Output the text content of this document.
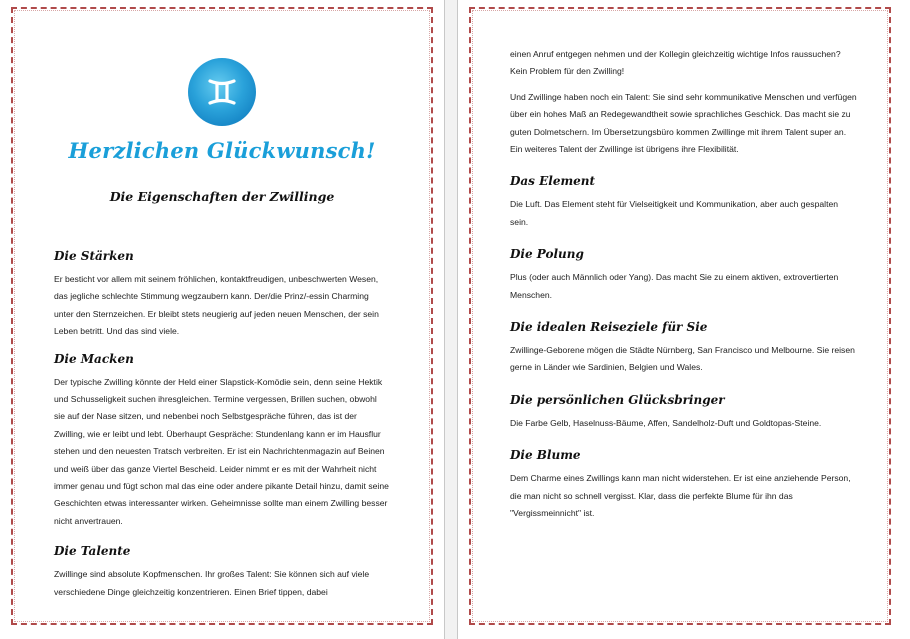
Herzlichen Glückwunsch!
Die Eigenschaften der Zwillinge
Die Stärken

Er besticht vor allem mit seinem fröhlichen, kontaktfreudigen, unbeschwerten Wesen, das jegliche schlechte Stimmung wegzaubern kann. Der/die Prinz/-essin Charming unter den Sternzeichen. Er bleibt stets neugierig auf jeden neuen Menschen, der sein Leben betritt. Und das sind viele.

Die Macken

Der typische Zwilling könnte der Held einer Slapstick-Komödie sein, denn seine Hektik und Schusseligkeit suchen ihresgleichen. Termine vergessen, Brillen suchen, obwohl sie auf der Nase sitzen, und nebenbei noch Selbstgespräche führen, das ist der Zwilling, wie er leibt und lebt. Überhaupt Gespräche: Stundenlang kann er im Hausflur stehen und den neuesten Tratsch verbreiten. Er ist ein Nachrichtenmagazin auf Beinen und weiß über das ganze Viertel Bescheid. Leider nimmt er es mit der Wahrheit nicht immer genau und fügt schon mal das eine oder andere pikante Detail hinzu, damit seine Geschichten etwas interessanter wirken. Geheimnisse sollte man einem Zwilling besser nicht anvertrauen.

Die Talente

Zwillinge sind absolute Kopfmenschen. Ihr großes Talent: Sie können sich auf viele verschiedene Dinge gleichzeitig konzentrieren. Einen Brief tippen, dabei

einen Anruf entgegen nehmen und der Kollegin gleichzeitig wichtige Infos raussuchen? Kein Problem für den Zwilling!

Und Zwillinge haben noch ein Talent: Sie sind sehr kommunikative Menschen und verfügen über ein hohes Maß an Redegewandtheit sowie sprachliches Geschick. Das macht sie zu guten Dolmetschern. Im Übersetzungsbüro kommen Zwillinge mit ihrem Talent super an. Ein weiteres Talent der Zwillinge ist übrigens ihre Flexibilität.

Das Element

Die Luft. Das Element steht für Vielseitigkeit und Kommunikation, aber auch gespalten sein.

Die Polung

Plus (oder auch Männlich oder Yang). Das macht Sie zu einem aktiven, extrovertierten Menschen.

Die idealen Reiseziele für Sie

Zwillinge-Geborene mögen die Städte Nürnberg, San Francisco und Melbourne. Sie reisen gerne in Länder wie Sardinien, Belgien und Wales.

Die persönlichen Glücksbringer

Die Farbe Gelb, Haselnuss-Bäume, Affen, Sandelholz-Duft und Goldtopas-Steine.

Die Blume

Dem Charme eines Zwillings kann man nicht widerstehen. Er ist eine anziehende Person, die man nicht so schnell vergisst. Klar, dass die perfekte Blume für ihn das "Vergissmeinnicht" ist.
